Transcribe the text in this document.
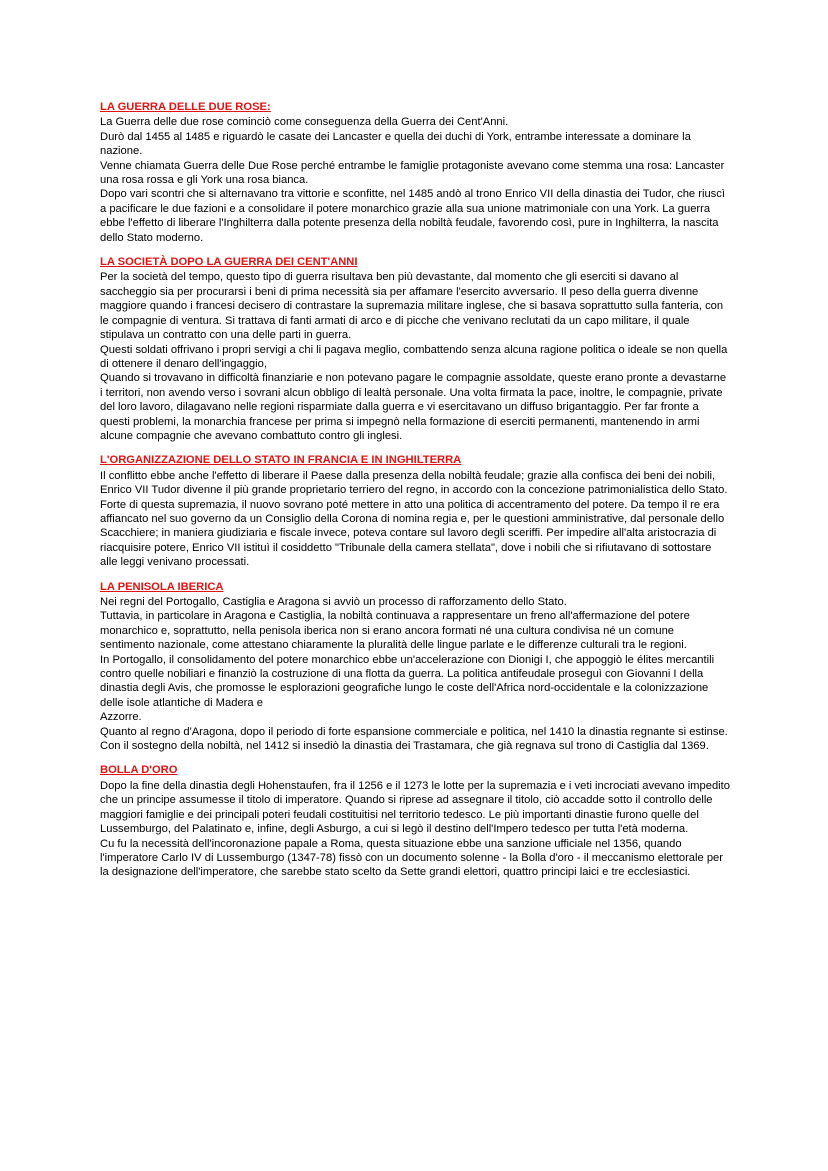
LA GUERRA DELLE DUE ROSE:

La Guerra delle due rose cominciò come conseguenza della Guerra dei Cent'Anni.

Durò dal 1455 al 1485 e riguardò le casate dei Lancaster e quella dei duchi di York, entrambe interessate a dominare la nazione.

Venne chiamata Guerra delle Due Rose perché entrambe le famiglie protagoniste avevano come stemma una rosa: Lancaster una rosa rossa e gli York una rosa bianca.

Dopo vari scontri che si alternavano tra vittorie e sconfitte, nel 1485 andò al trono Enrico VII della dinastia dei Tudor, che riuscì a pacificare le due fazioni e a consolidare il potere monarchico grazie alla sua unione matrimoniale con una York. La guerra ebbe l'effetto di liberare l'Inghilterra dalla potente presenza della nobiltà feudale, favorendo così, pure in Inghilterra, la nascita dello Stato moderno.

LA SOCIETÀ DOPO LA GUERRA DEI CENT'ANNI

Per la società del tempo, questo tipo di guerra risultava ben più devastante, dal momento che gli eserciti si davano al saccheggio sia per procurarsi i beni di prima necessità sia per affamare l'esercito avversario. Il peso della guerra divenne maggiore quando i francesi decisero di contrastare la supremazia militare inglese, che si basava soprattutto sulla fanteria, con le compagnie di ventura. Si trattava di fanti armati di arco e di picche che venivano reclutati da un capo militare, il quale stipulava un contratto con una delle parti in guerra.

Questi soldati offrivano i propri servigi a chi li pagava meglio, combattendo senza alcuna ragione politica o ideale se non quella di ottenere il denaro dell'ingaggio,

Quando si trovavano in difficoltà finanziarie e non potevano pagare le compagnie assoldate, queste erano pronte a devastarne i territori, non avendo verso i sovrani alcun obbligo di lealtà personale. Una volta firmata la pace, inoltre, le compagnie, private del loro lavoro, dilagavano nelle regioni risparmiate dalla guerra e vi esercitavano un diffuso brigantaggio. Per far fronte a questi problemi, la monarchia francese per prima si impegnò nella formazione di eserciti permanenti, mantenendo in armi alcune compagnie che avevano combattuto contro gli inglesi.

L'ORGANIZZAZIONE DELLO STATO IN FRANCIA E IN INGHILTERRA

Il conflitto ebbe anche l'effetto di liberare il Paese dalla presenza della nobiltà feudale; grazie alla confisca dei beni dei nobili, Enrico VII Tudor divenne il più grande proprietario terriero del regno, in accordo con la concezione patrimonialistica dello Stato.

Forte di questa supremazia, il nuovo sovrano poté mettere in atto una politica di accentramento del potere. Da tempo il re era affiancato nel suo governo da un Consiglio della Corona di nomina regia e, per le questioni amministrative, dal personale dello Scacchiere; in maniera giudiziaria e fiscale invece, poteva contare sul lavoro degli sceriffi. Per impedire all'alta aristocrazia di riacquisire potere, Enrico VII istituì il cosiddetto "Tribunale della camera stellata", dove i nobili che si rifiutavano di sottostare alle leggi venivano processati.

LA PENISOLA IBERICA

Nei regni del Portogallo, Castiglia e Aragona si avviò un processo di rafforzamento dello Stato.

Tuttavia, in particolare in Aragona e Castiglia, la nobiltà continuava a rappresentare un freno all'affermazione del potere monarchico e, soprattutto, nella penisola iberica non si erano ancora formati né una cultura condivisa né un comune sentimento nazionale, come attestano chiaramente la pluralità delle lingue parlate e le differenze culturali tra le regioni.

In Portogallo, il consolidamento del potere monarchico ebbe un'accelerazione con Dionigi I, che appoggiò le élites mercantili contro quelle nobiliari e finanziò la costruzione di una flotta da guerra. La politica antifeudale proseguì con Giovanni I della dinastia degli Avis, che promosse le esplorazioni geografiche lungo le coste dell'Africa nord-occidentale e la colonizzazione delle isole atlantiche di Madera e

Azzorre.

Quanto al regno d'Aragona, dopo il periodo di forte espansione commerciale e politica, nel 1410 la dinastia regnante si estinse. Con il sostegno della nobiltà, nel 1412 si insediò la dinastia dei Trastamara, che già regnava sul trono di Castiglia dal 1369.

BOLLA D'ORO

Dopo la fine della dinastia degli Hohenstaufen, fra il 1256 e il 1273 le lotte per la supremazia e i veti incrociati avevano impedito che un principe assumesse il titolo di imperatore. Quando si riprese ad assegnare il titolo, ciò accadde sotto il controllo delle maggiori famiglie e dei principali poteri feudali costituitisi nel territorio tedesco. Le più importanti dinastie furono quelle del Lussemburgo, del Palatinato e, infine, degli Asburgo, a cui si legò il destino dell'Impero tedesco per tutta l'età moderna.

Cu fu la necessità dell'incoronazione papale a Roma, questa situazione ebbe una sanzione ufficiale nel 1356, quando l'imperatore Carlo IV di Lussemburgo (1347-78) fissò con un documento solenne - la Bolla d'oro - il meccanismo elettorale per la designazione dell'imperatore, che sarebbe stato scelto da Sette grandi elettori, quattro principi laici e tre ecclesiastici.
